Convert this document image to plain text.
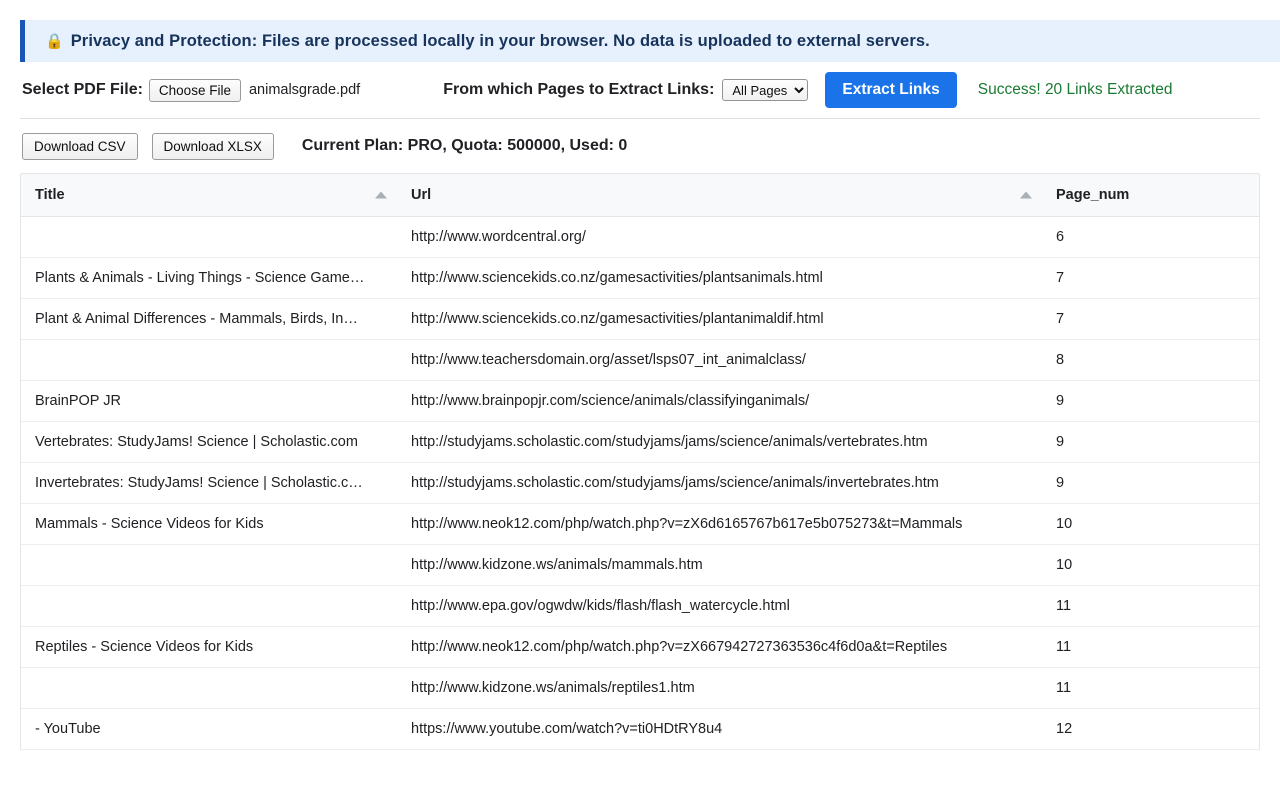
🔒 Privacy and Protection: Files are processed locally in your browser. No data is uploaded to external servers.
Select PDF File:	Choose File	animalsgrade.pdf	From which Pages to Extract Links:
All Pages	Extract Links	Success! 20 Links Extracted
Download CSV	Download XLSX	Current Plan: PRO, Quota: 500000, Used: 0
Title	Url	Page_num
	http://www.wordcentral.org/	6
Plants & Animals - Living Things - Science Game…	http://www.sciencekids.co.nz/gamesactivities/plantsanimals.html	7
Plant & Animal Differences - Mammals, Birds, In…	http://www.sciencekids.co.nz/gamesactivities/plantanimaldif.html	7
	http://www.teachersdomain.org/asset/lsps07_int_animalclass/	8
BrainPOP JR	http://www.brainpopjr.com/science/animals/classifyinganimals/	9
Vertebrates: StudyJams! Science | Scholastic.com	http://studyjams.scholastic.com/studyjams/jams/science/animals/vertebrates.htm	9
Invertebrates: StudyJams! Science | Scholastic.c…	http://studyjams.scholastic.com/studyjams/jams/science/animals/invertebrates.htm	9
Mammals - Science Videos for Kids	http://www.neok12.com/php/watch.php?v=zX6d6165767b617e5b075273&t=Mammals	10
	http://www.kidzone.ws/animals/mammals.htm	10
	http://www.epa.gov/ogwdw/kids/flash/flash_watercycle.html	11
Reptiles - Science Videos for Kids	http://www.neok12.com/php/watch.php?v=zX667942727363536c4f6d0a&t=Reptiles	11
	http://www.kidzone.ws/animals/reptiles1.htm	11
- YouTube	https://www.youtube.com/watch?v=ti0HDtRY8u4	12
